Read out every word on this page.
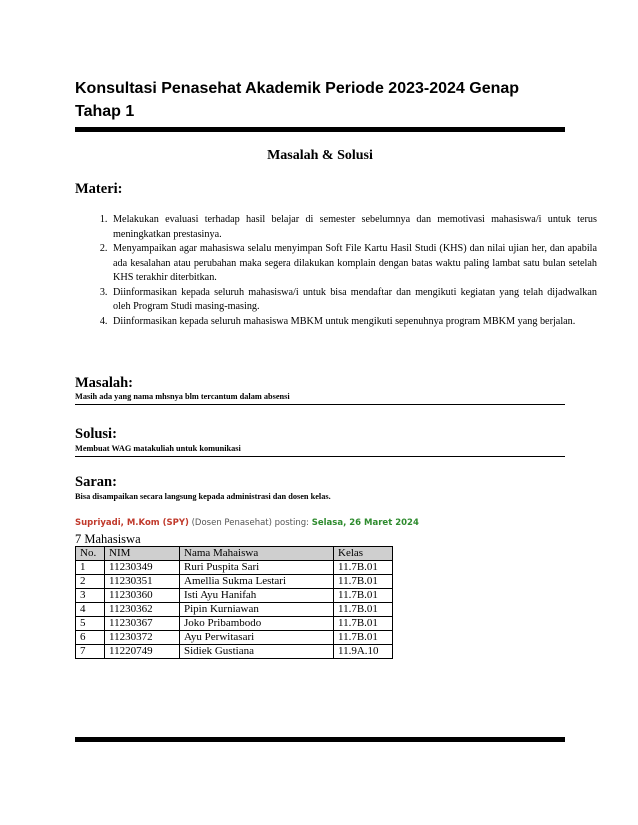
Konsultasi Penasehat Akademik Periode 2023-2024 Genap Tahap 1
Masalah & Solusi
Materi:
1. Melakukan evaluasi terhadap hasil belajar di semester sebelumnya dan memotivasi mahasiswa/i untuk terus meningkatkan prestasinya.
2. Menyampaikan agar mahasiswa selalu menyimpan Soft File Kartu Hasil Studi (KHS) dan nilai ujian her, dan apabila ada kesalahan atau perubahan maka segera dilakukan komplain dengan batas waktu paling lambat satu bulan setelah KHS terakhir diterbitkan.
3. Diinformasikan kepada seluruh mahasiswa/i untuk bisa mendaftar dan mengikuti kegiatan yang telah dijadwalkan oleh Program Studi masing-masing.
4. Diinformasikan kepada seluruh mahasiswa MBKM untuk mengikuti sepenuhnya program MBKM yang berjalan.
Masalah:
Masih ada yang nama mhsnya blm tercantum dalam absensi
Solusi:
Membuat WAG matakuliah untuk komunikasi
Saran:
Bisa disampaikan secara langsung kepada administrasi dan dosen kelas.
Supriyadi, M.Kom (SPY) (Dosen Penasehat) posting: Selasa, 26 Maret 2024
7 Mahasiswa
No.	NIM	Nama Mahaiswa	Kelas
1	11230349	Ruri Puspita Sari	11.7B.01
2	11230351	Amellia Sukma Lestari	11.7B.01
3	11230360	Isti Ayu Hanifah	11.7B.01
4	11230362	Pipin Kurniawan	11.7B.01
5	11230367	Joko Pribambodo	11.7B.01
6	11230372	Ayu Perwitasari	11.7B.01
7	11220749	Sidiek Gustiana	11.9A.10
